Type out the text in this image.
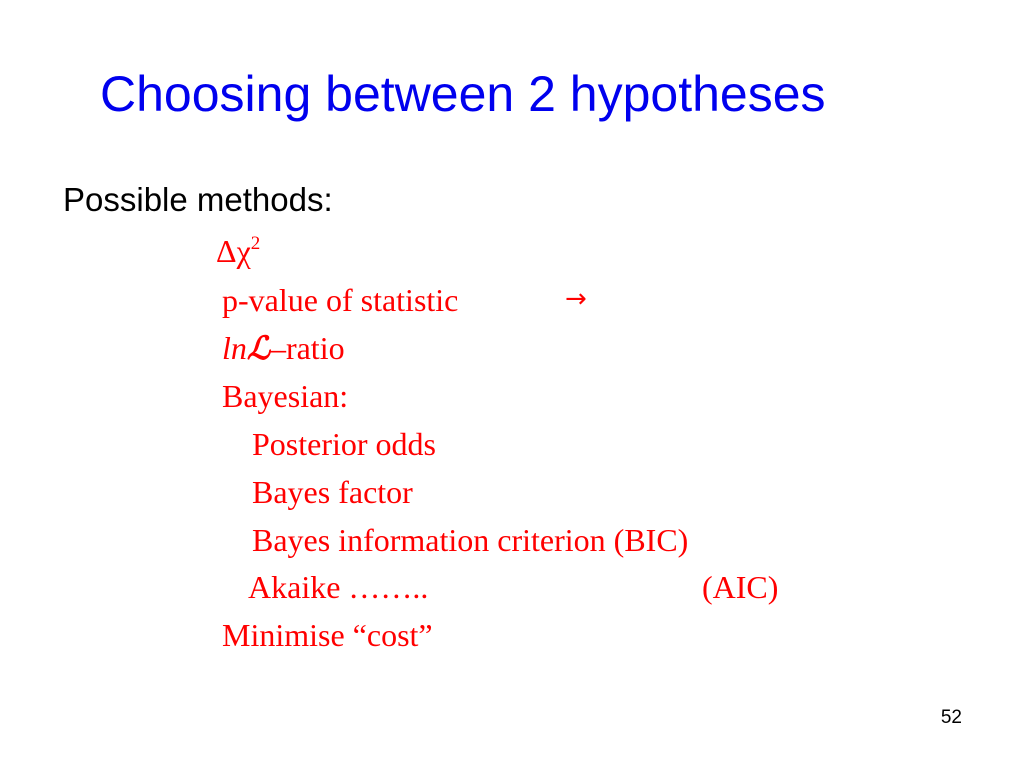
Choosing between 2 hypotheses
Possible methods:
$\Delta\chi^2$
p-value of statistic	→
lnℒ–ratio
Bayesian:
Posterior odds
Bayes factor
Bayes information criterion (BIC)
Akaike ……..	(AIC)
Minimise “cost”
52
